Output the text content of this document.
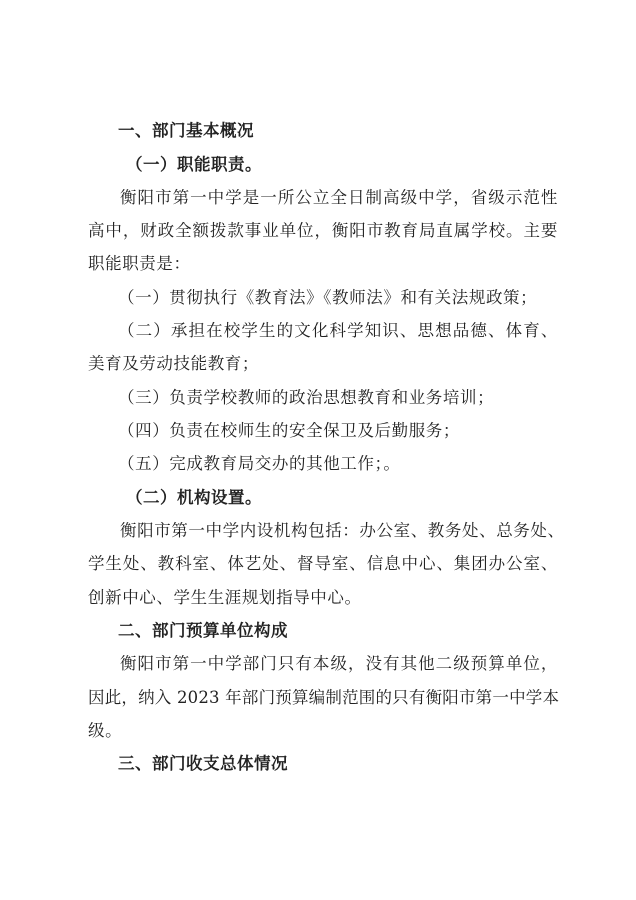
一、部门基本概况
（一）职能职责。
衡阳市第一中学是一所公立全日制高级中学，省级示范性
高中，财政全额拨款事业单位，衡阳市教育局直属学校。主要
职能职责是：
（一）贯彻执行《教育法》《教师法》和有关法规政策；
（二）承担在校学生的文化科学知识、思想品德、体育、
美育及劳动技能教育；
（三）负责学校教师的政治思想教育和业务培训；
（四）负责在校师生的安全保卫及后勤服务；
（五）完成教育局交办的其他工作；。
（二）机构设置。
衡阳市第一中学内设机构包括：办公室、教务处、总务处、
学生处、教科室、体艺处、督导室、信息中心、集团办公室、
创新中心、学生生涯规划指导中心。
二、部门预算单位构成
衡阳市第一中学部门只有本级，没有其他二级预算单位，
因此，纳入 2023 年部门预算编制范围的只有衡阳市第一中学本
级。
三、部门收支总体情况
